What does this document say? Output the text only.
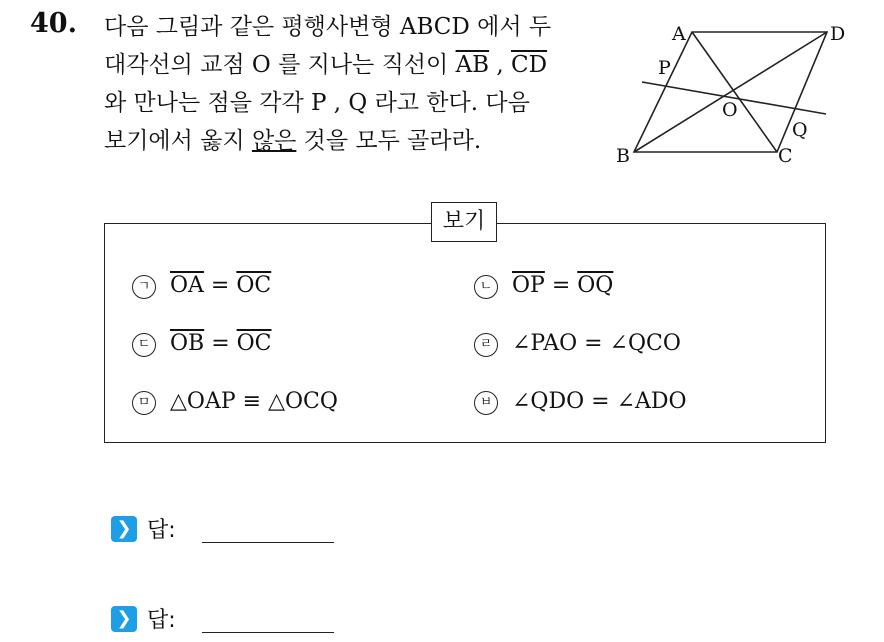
40. 다음 그림과 같은 평행사변형 ABCD 에서 두
대각선의 교점 O 를 지나는 직선이 $\overline{AB}$ , $\overline{CD}$
와 만나는 점을 각각 P , Q 라고 한다. 다음
보기에서 옳지 않은 것을 모두 골라라.
A	D
B	C
O
P
Q
보기
ㄱ $\overline{OA} = \overline{OC}$	ㄴ $\overline{OP} = \overline{OQ}$
ㄷ $\overline{OB} = \overline{OC}$	ㄹ ∠PAO = ∠QCO
ㅁ △OAP ≡ △OCQ	ㅂ ∠QDO = ∠ADO
❯ 답:
❯ 답:
